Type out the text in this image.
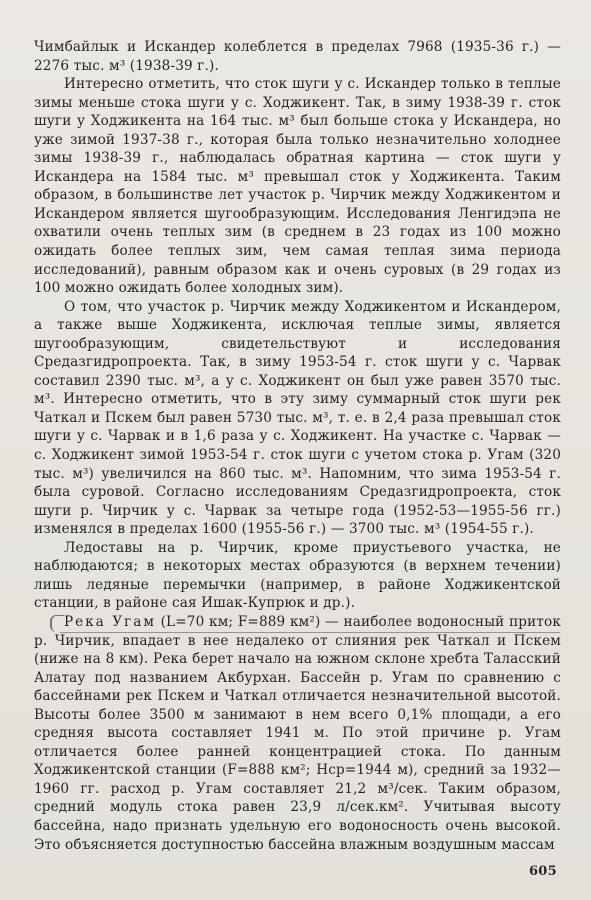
Чимбайлык и Искандер колеблется в пределах 7968 (1935-36 г.) — 2276 тыс. м³ (1938-39 г.).

Интересно отметить, что сток шуги у с. Искандер только в теплые зимы меньше стока шуги у с. Ходжикент. Так, в зиму 1938-39 г. сток шуги у Ходжикента на 164 тыс. м³ был больше стока у Искандера, но уже зимой 1937-38 г., которая была только незначительно холоднее зимы 1938-39 г., наблюдалась обратная картина — сток шуги у Искандера на 1584 тыс. м³ превышал сток у Ходжикента. Таким образом, в большинстве лет участок р. Чирчик между Ходжикентом и Искандером является шугообразующим. Исследования Ленгидэпа не охватили очень теплых зим (в среднем в 23 годах из 100 можно ожидать более теплых зим, чем самая теплая зима периода исследований), равным образом как и очень суровых (в 29 годах из 100 можно ожидать более холодных зим).

О том, что участок р. Чирчик между Ходжикентом и Искандером, а также выше Ходжикента, исключая теплые зимы, является шугообразующим, свидетельствуют и исследования Средазгидропроекта. Так, в зиму 1953-54 г. сток шуги у с. Чарвак составил 2390 тыс. м³, а у с. Ходжикент он был уже равен 3570 тыс. м³. Интересно отметить, что в эту зиму суммарный сток шуги рек Чаткал и Пскем был равен 5730 тыс. м³, т. е. в 2,4 раза превышал сток шуги у с. Чарвак и в 1,6 раза у с. Ходжикент. На участке с. Чарвак — с. Ходжикент зимой 1953-54 г. сток шуги с учетом стока р. Угам (320 тыс. м³) увеличился на 860 тыс. м³. Напомним, что зима 1953-54 г. была суровой. Согласно исследованиям Средазгидропроекта, сток шуги р. Чирчик у с. Чарвак за четыре года (1952-53—1955-56 гг.) изменялся в пределах 1600 (1955-56 г.) — 3700 тыс. м³ (1954-55 г.).

Ледоставы на р. Чирчик, кроме приустьевого участка, не наблюдаются; в некоторых местах образуются (в верхнем течении) лишь ледяные перемычки (например, в районе Ходжикентской станции, в районе сая Ишак-Купрюк и др.).

Река Угам (L=70 км; F=889 км²) — наиболее водоносный приток р. Чирчик, впадает в нее недалеко от слияния рек Чаткал и Пскем (ниже на 8 км). Река берет начало на южном склоне хребта Таласский Алатау под названием Акбурхан. Бассейн р. Угам по сравнению с бассейнами рек Пскем и Чаткал отличается незначительной высотой. Высоты более 3500 м занимают в нем всего 0,1% площади, а его средняя высота составляет 1941 м. По этой причине р. Угам отличается более ранней концентрацией стока. По данным Ходжикентской станции (F=888 км²; Hср=1944 м), средний за 1932—1960 гг. расход р. Угам составляет 21,2 м³/сек. Таким образом, средний модуль стока равен 23,9 л/сек.км². Учитывая высоту бассейна, надо признать удельную его водоносность очень высокой. Это объясняется доступностью бассейна влажным воздушным массам

605
